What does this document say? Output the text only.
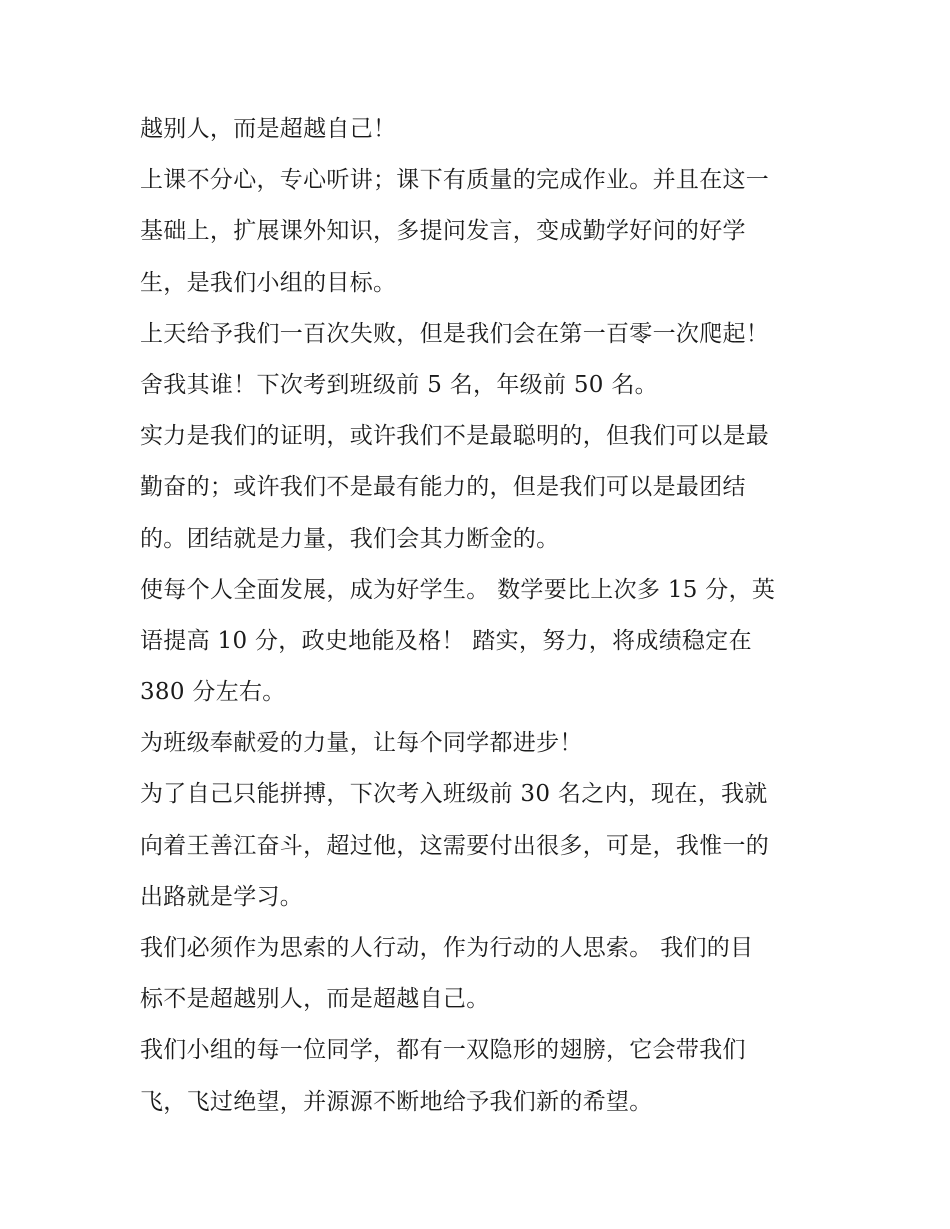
越别人，而是超越自己！
上课不分心，专心听讲；课下有质量的完成作业。并且在这一
基础上，扩展课外知识，多提问发言，变成勤学好问的好学
生，是我们小组的目标。
上天给予我们一百次失败，但是我们会在第一百零一次爬起！
舍我其谁！下次考到班级前 5 名，年级前 50 名。
实力是我们的证明，或许我们不是最聪明的，但我们可以是最
勤奋的；或许我们不是最有能力的，但是我们可以是最团结
的。团结就是力量，我们会其力断金的。
使每个人全面发展，成为好学生。 数学要比上次多 15 分，英
语提高 10 分，政史地能及格！ 踏实，努力，将成绩稳定在
380 分左右。
为班级奉献爱的力量，让每个同学都进步！
为了自己只能拼搏，下次考入班级前 30 名之内，现在，我就
向着王善江奋斗，超过他，这需要付出很多，可是，我惟一的
出路就是学习。
我们必须作为思索的人行动，作为行动的人思索。 我们的目
标不是超越别人，而是超越自己。
我们小组的每一位同学，都有一双隐形的翅膀，它会带我们
飞，飞过绝望，并源源不断地给予我们新的希望。
